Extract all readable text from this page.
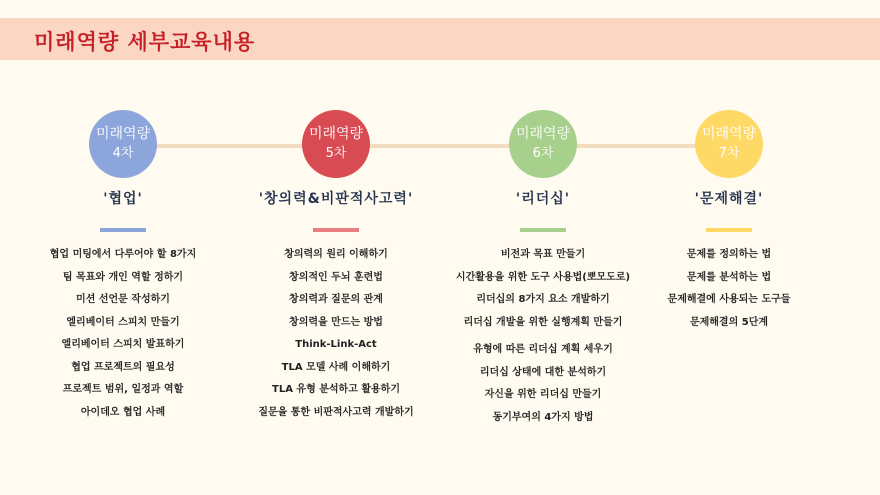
미래역량 세부교육내용
미래역량
4차
'협업'
협업 미팅에서 다루어야 할 8가지
팀 목표와 개인 역할 정하기
미션 선언문 작성하기
엘리베이터 스피치 만들기
엘리베이터 스피치 발표하기
협업 프로젝트의 필요성
프로젝트 범위, 일정과 역할
아이데오 협업 사례
미래역량
5차
'창의력&비판적사고력'
창의력의 원리 이해하기
창의적인 두뇌 훈련법
창의력과 질문의 관계
창의력을 만드는 방법
Think-Link-Act
TLA 모델 사례 이해하기
TLA 유형 분석하고 활용하기
질문을 통한 비판적사고력 개발하기
미래역량
6차
'리더십'
비전과 목표 만들기
시간활용을 위한 도구 사용법(뽀모도로)
리더십의 8가지 요소 개발하기
리더십 개발을 위한 실행계획 만들기
유형에 따른 리더십 계획 세우기
리더십 상태에 대한 분석하기
자신을 위한 리더십 만들기
동기부여의 4가지 방법
미래역량
7차
'문제해결'
문제를 정의하는 법
문제를 분석하는 법
문제해결에 사용되는 도구들
문제해결의 5단계
